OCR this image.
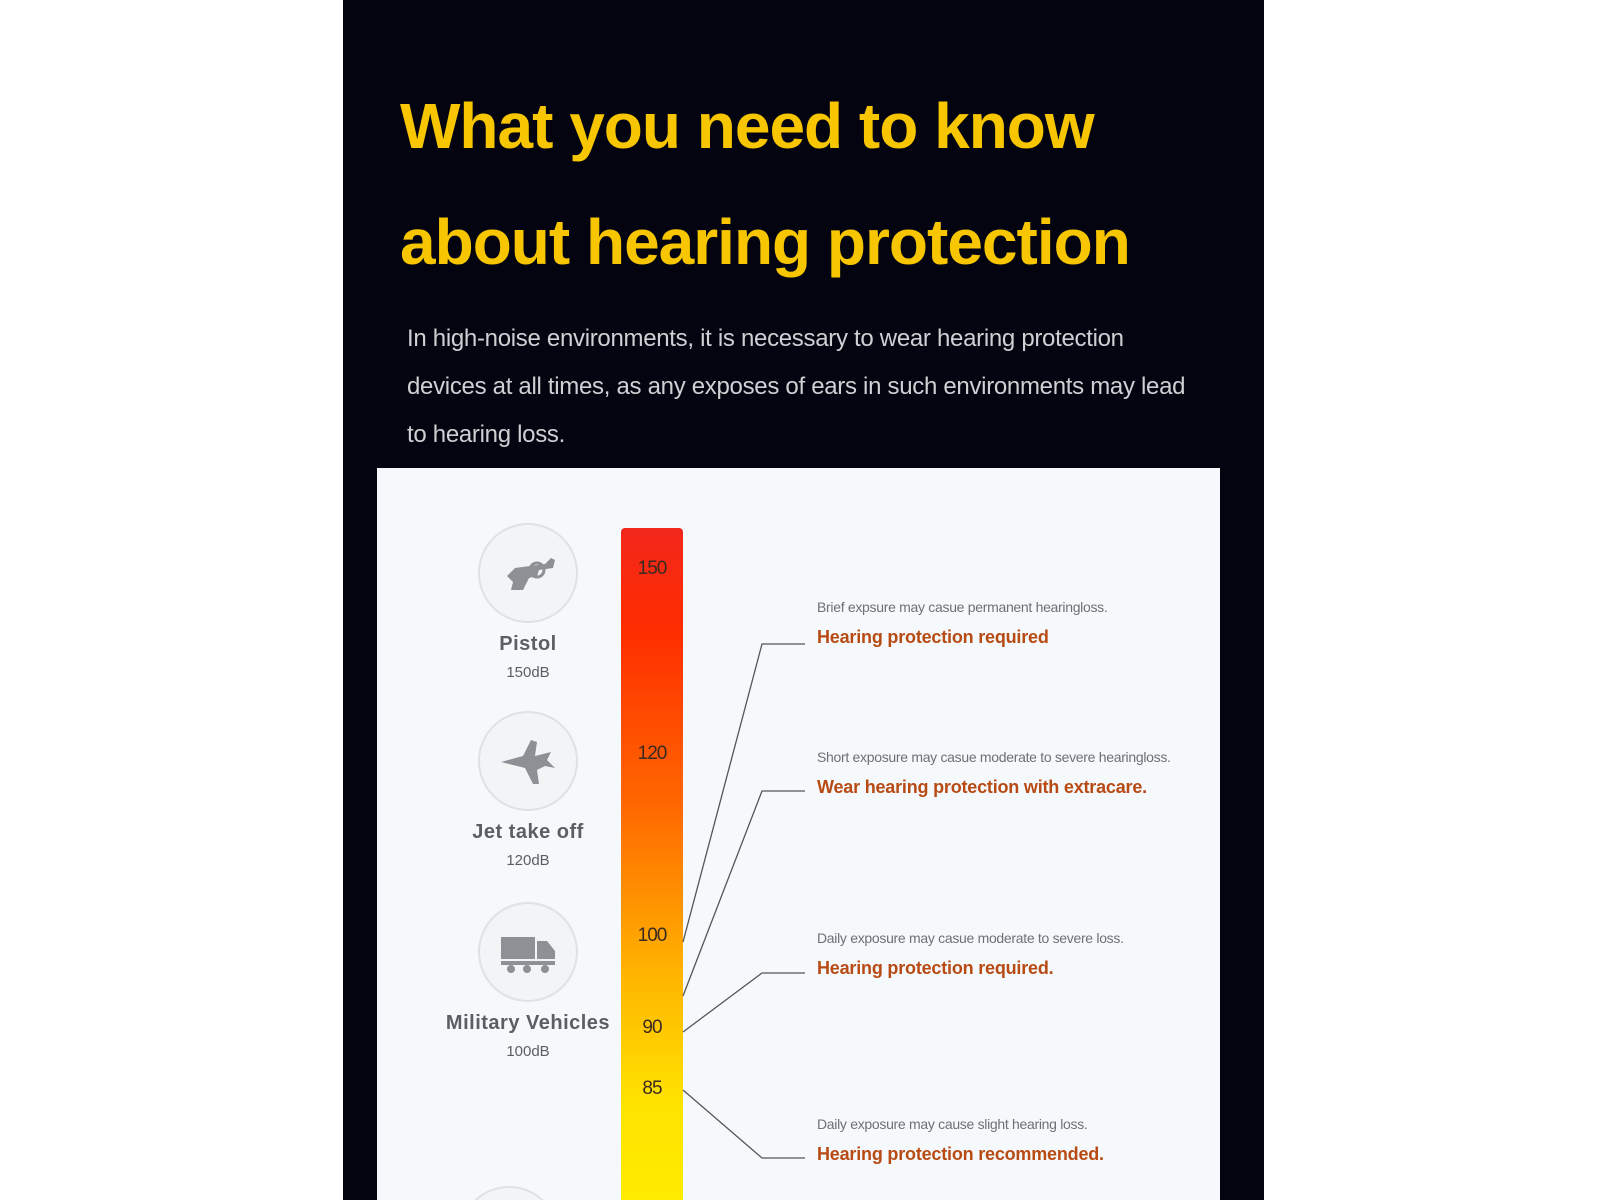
What you need to know about hearing protection

In high-noise environments, it is necessary to wear hearing protection devices at all times, as any exposes of ears in such environments may lead to hearing loss.

Pistol
150dB
Jet take off
120dB
Military Vehicles
100dB
150
120
100
90
85
Brief expsure may casue permanent hearingloss.
Hearing protection required
Short exposure may casue moderate to severe hearingloss.
Wear hearing protection with extracare.
Daily exposure may casue moderate to severe loss.
Hearing protection required.
Daily exposure may cause slight hearing loss.
Hearing protection recommended.
